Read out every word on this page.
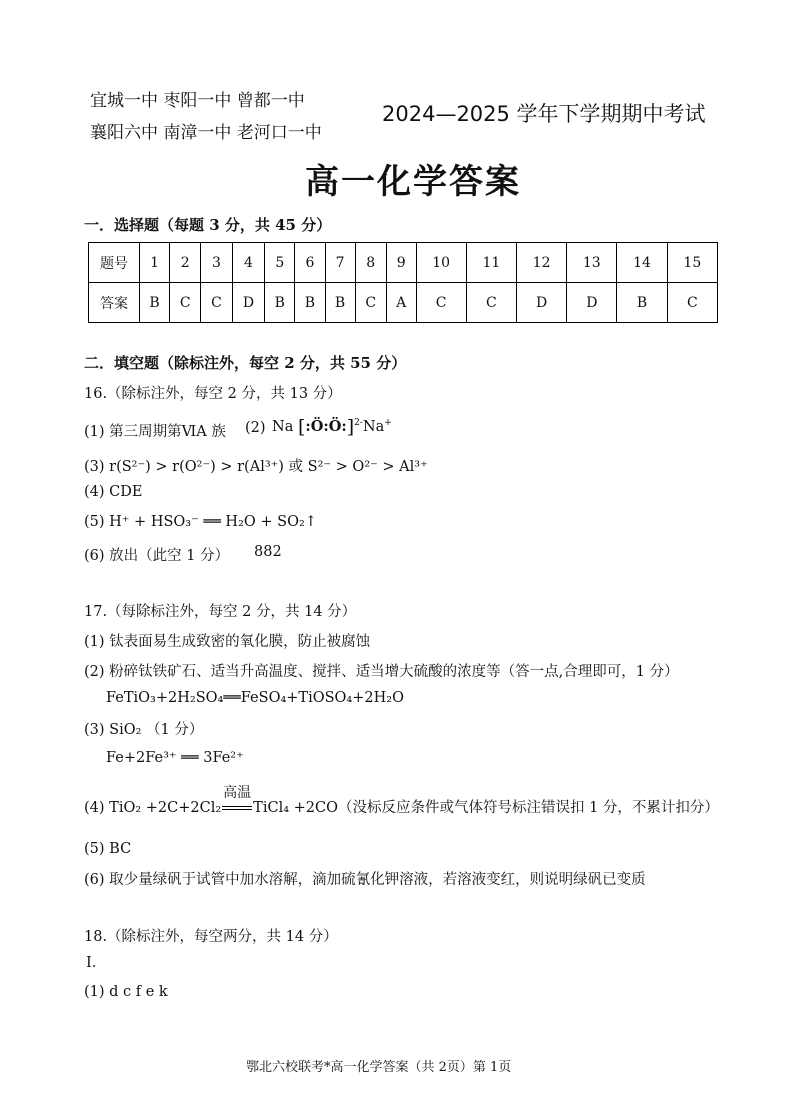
宜城一中 枣阳一中 曾都一中
襄阳六中 南漳一中 老河口一中
2024—2025 学年下学期期中考试
高一化学答案
一．选择题（每题 3 分，共 45 分）
题号	1	2	3	4	5	6	7	8	9	10	11	12	13	14	15
答案	B	C	C	D	B	B	B	C	A	C	C	D	D	B	C
二．填空题（除标注外，每空 2 分，共 55 分）
16.（除标注外，每空 2 分，共 13 分）
(1) 第三周期第ⅥA 族 (2) Na [:Ö:Ö:]$^{2-}$Na+
(3) r(S²⁻) > r(O²⁻) > r(Al³⁺) 或 S²⁻ > O²⁻ > Al³⁺
(4) CDE
(5) H⁺ + HSO₃⁻ ══ H₂O + SO₂↑
(6) 放出（此空 1 分） 882
17.（每除标注外，每空 2 分，共 14 分）
(1) 钛表面易生成致密的氧化膜，防止被腐蚀
(2) 粉碎钛铁矿石、适当升高温度、搅拌、适当增大硫酸的浓度等（答一点,合理即可，1 分）
FeTiO₃+2H₂SO₄══FeSO₄+TiOSO₄+2H₂O
(3) SiO₂ （1 分）
Fe+2Fe³⁺ ══ 3Fe²⁺
(4) TiO₂ +2C+2Cl₂
高温
TiCl₄ +2CO（没标反应条件或气体符号标注错误扣 1 分，不累计扣分）
(5) BC
(6) 取少量绿矾于试管中加水溶解，滴加硫氰化钾溶液，若溶液变红，则说明绿矾已变质
18.（除标注外，每空两分，共 14 分）
Ⅰ.
(1) d c f e k
鄂北六校联考*高一化学答案（共 2页）第 1页
